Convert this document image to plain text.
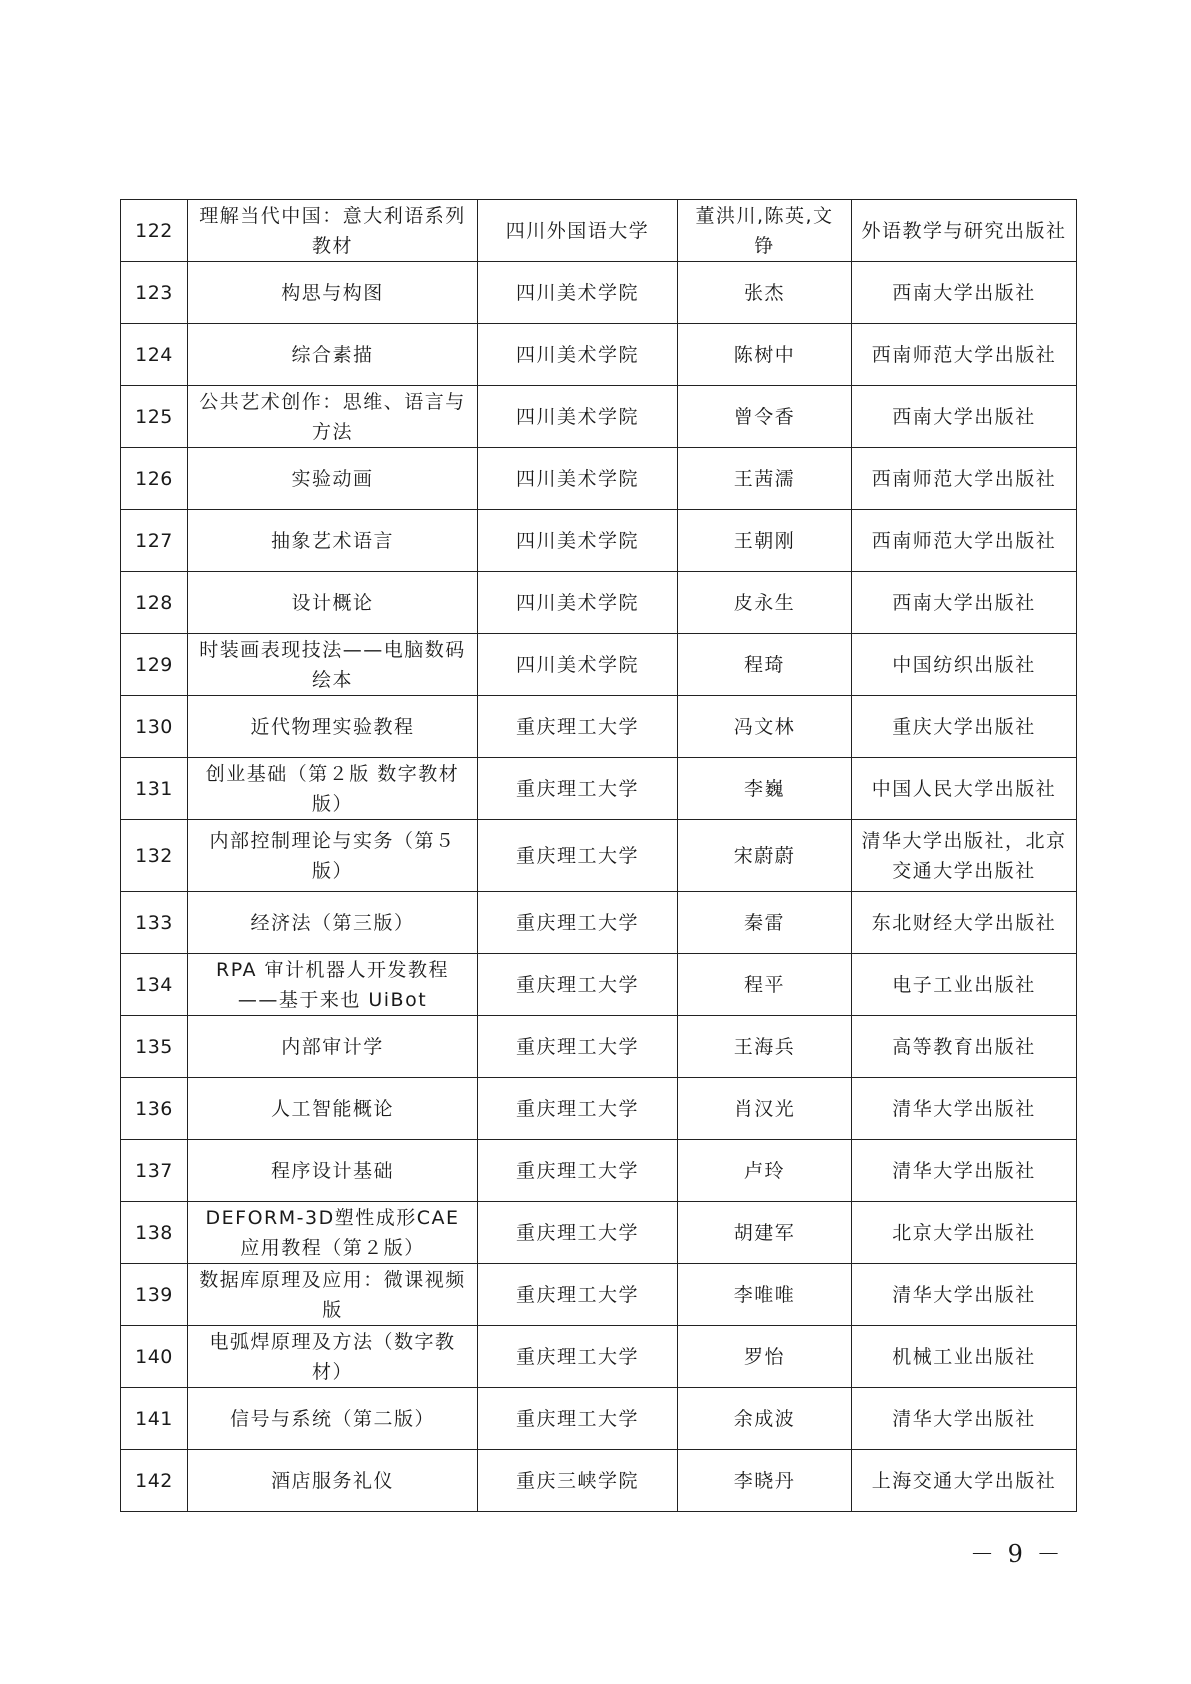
122	理解当代中国：意大利语系列教材	四川外国语大学	董洪川,陈英,文铮	外语教学与研究出版社
123	构思与构图	四川美术学院	张杰	西南大学出版社
124	综合素描	四川美术学院	陈树中	西南师范大学出版社
125	公共艺术创作：思维、语言与方法	四川美术学院	曾令香	西南大学出版社
126	实验动画	四川美术学院	王茜濡	西南师范大学出版社
127	抽象艺术语言	四川美术学院	王朝刚	西南师范大学出版社
128	设计概论	四川美术学院	皮永生	西南大学出版社
129	时装画表现技法——电脑数码绘本	四川美术学院	程琦	中国纺织出版社
130	近代物理实验教程	重庆理工大学	冯文林	重庆大学出版社
131	创业基础（第２版 数字教材版）	重庆理工大学	李巍	中国人民大学出版社
132	内部控制理论与实务（第５版）	重庆理工大学	宋蔚蔚	清华大学出版社，北京交通大学出版社
133	经济法（第三版）	重庆理工大学	秦雷	东北财经大学出版社
134	RPA 审计机器人开发教程——基于来也 UiBot	重庆理工大学	程平	电子工业出版社
135	内部审计学	重庆理工大学	王海兵	高等教育出版社
136	人工智能概论	重庆理工大学	肖汉光	清华大学出版社
137	程序设计基础	重庆理工大学	卢玲	清华大学出版社
138	DEFORM-3D塑性成形CAE应用教程（第２版）	重庆理工大学	胡建军	北京大学出版社
139	数据库原理及应用：微课视频版	重庆理工大学	李唯唯	清华大学出版社
140	电弧焊原理及方法（数字教材）	重庆理工大学	罗怡	机械工业出版社
141	信号与系统（第二版）	重庆理工大学	余成波	清华大学出版社
142	酒店服务礼仪	重庆三峡学院	李晓丹	上海交通大学出版社
－ 9 －
